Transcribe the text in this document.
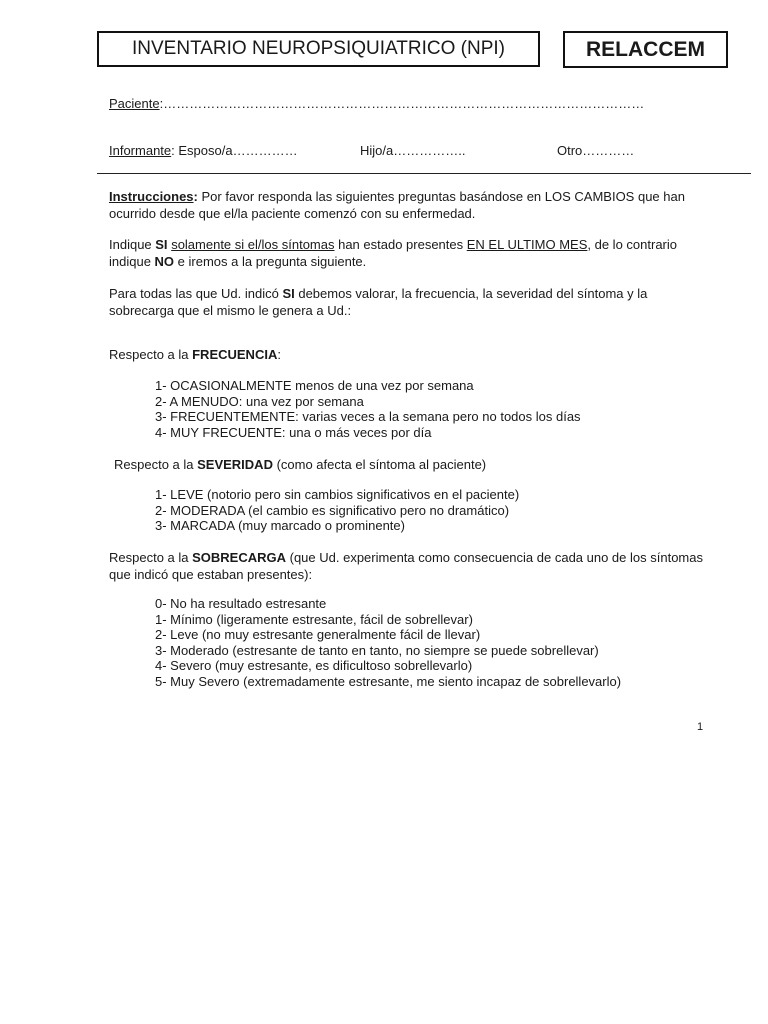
INVENTARIO NEUROPSIQUIATRICO (NPI)	RELACCEM
Paciente:…………………………………………………………………………………………………
Informante: Esposo/a……………	Hijo/a……………..	Otro…………
Instrucciones: Por favor responda las siguientes preguntas basándose en LOS CAMBIOS que han ocurrido desde que el/la paciente comenzó con su enfermedad.
Indique SI solamente si el/los síntomas han estado presentes EN EL ULTIMO MES, de lo contrario indique NO e iremos a la pregunta siguiente.
Para todas las que Ud. indicó SI debemos valorar, la frecuencia, la severidad del síntoma y la sobrecarga que el mismo le genera a Ud.:
Respecto a la FRECUENCIA:
1- OCASIONALMENTE menos de una vez por semana
2- A MENUDO: una vez por semana
3- FRECUENTEMENTE: varias veces a la semana pero no todos los días
4- MUY FRECUENTE: una o más veces por día
Respecto a la SEVERIDAD (como afecta el síntoma al paciente)
1- LEVE (notorio pero sin cambios significativos en el paciente)
2- MODERADA (el cambio es significativo pero no dramático)
3- MARCADA (muy marcado o prominente)
Respecto a la SOBRECARGA (que Ud. experimenta como consecuencia de cada uno de los síntomas que indicó que estaban presentes):
0- No ha resultado estresante
1- Mínimo (ligeramente estresante, fácil de sobrellevar)
2- Leve (no muy estresante generalmente fácil de llevar)
3- Moderado (estresante de tanto en tanto, no siempre se puede sobrellevar)
4- Severo (muy estresante, es dificultoso sobrellevarlo)
5- Muy Severo (extremadamente estresante, me siento incapaz de sobrellevarlo)
1
